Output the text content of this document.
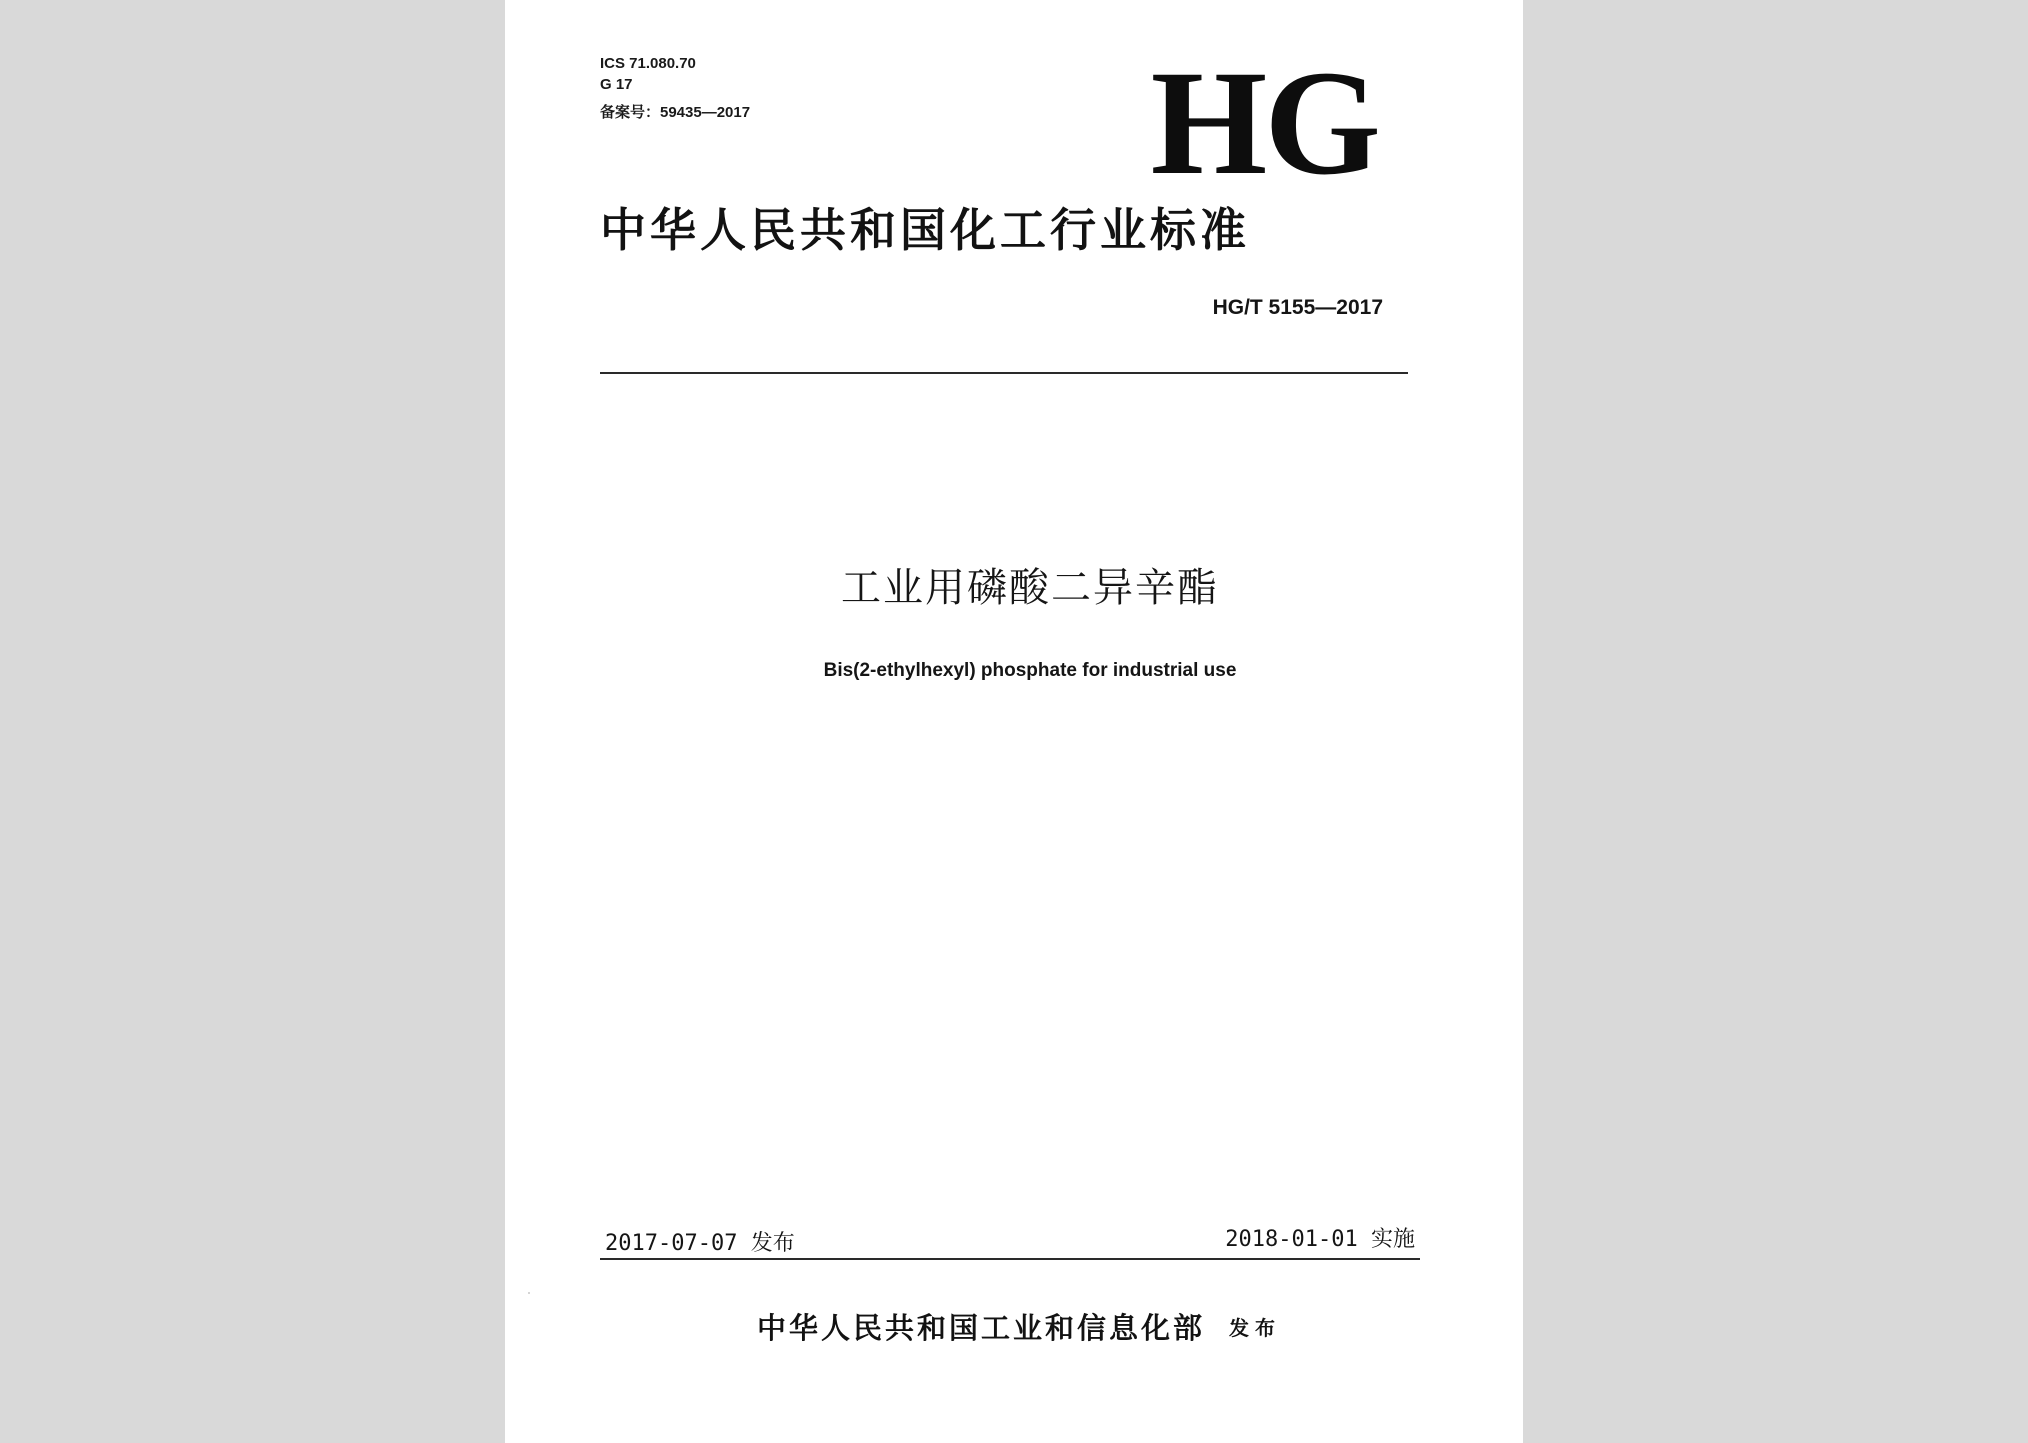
ICS 71.080.70
G 17
备案号：59435—2017	HG
中华人民共和国化工行业标准
HG/T 5155—2017
工业用磷酸二异辛酯
Bis(2-ethylhexyl) phosphate for industrial use
2017-07-07 发布	2018-01-01 实施
中华人民共和国工业和信息化部 发布
